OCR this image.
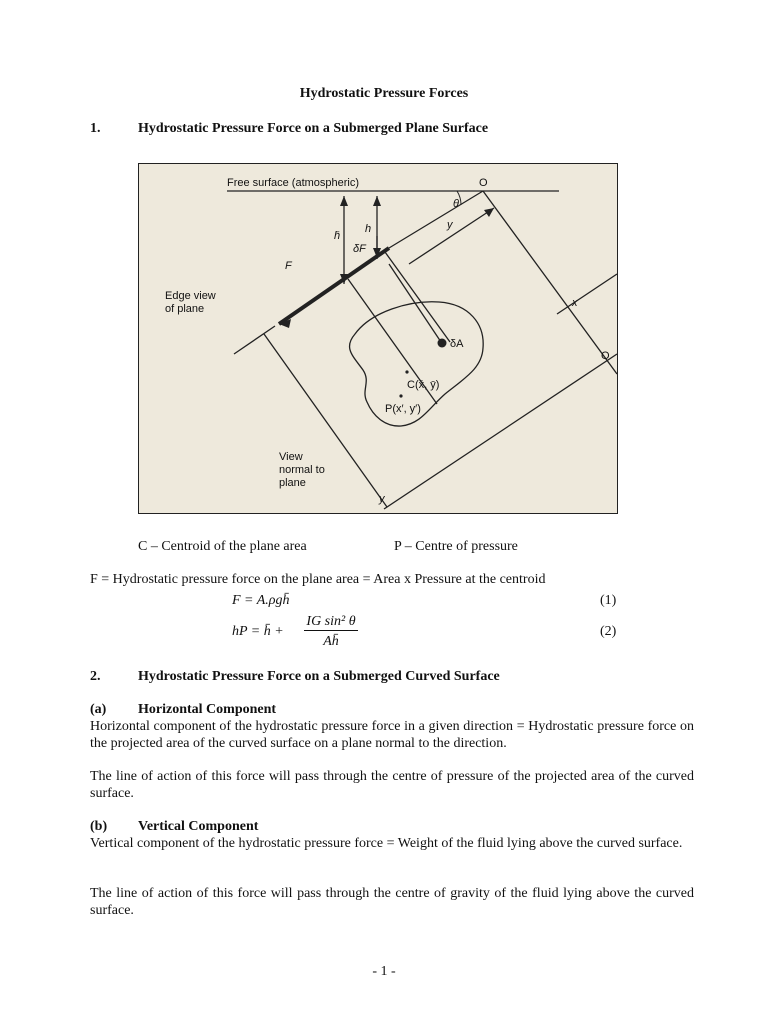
Hydrostatic Pressure Forces
1.	Hydrostatic Pressure Force on a Submerged Plane Surface
Free surface (atmospheric)	O
θ
y
h̄
h
δF
F
Edge view
of plane	x
O
δA
C(x̄, ȳ)
P(x′, y′)
View
normal to
plane
y
C – Centroid of the plane area	P – Centre of pressure
F = Hydrostatic pressure force on the plane area = Area x Pressure at the centroid
F = A.ρgh̄	(1)
hP = h̄ +
IG sin² θ
Ah̄
(2)
2.	Hydrostatic Pressure Force on a Submerged Curved Surface
(a) Horizontal Component
Horizontal component of the hydrostatic pressure force in a given direction = Hydrostatic pressure force on the projected area of the curved surface on a plane normal to the direction.
The line of action of this force will pass through the centre of pressure of the projected area of the curved surface.
(b) Vertical Component
Vertical component of the hydrostatic pressure force = Weight of the fluid lying above the curved surface.
The line of action of this force will pass through the centre of gravity of the fluid lying above the curved surface.
- 1 -
